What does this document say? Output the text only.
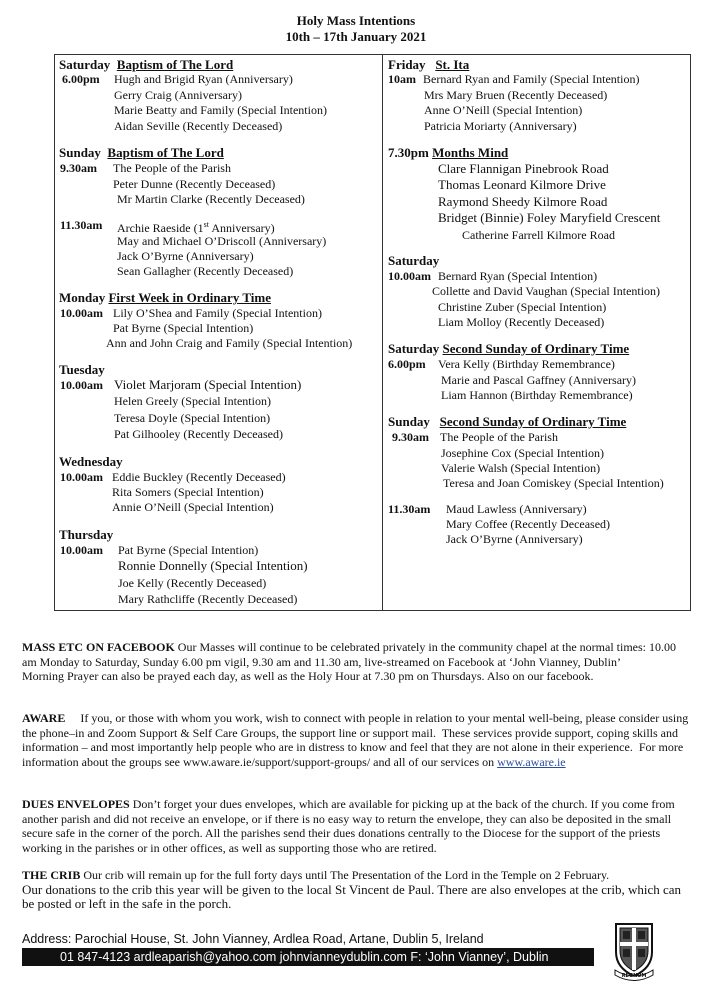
Holy Mass Intentions
10th – 17th January 2021
Saturday Baptism of The Lord
6.00pm Hugh and Brigid Ryan (Anniversary)
Gerry Craig (Anniversary)
Marie Beatty and Family (Special Intention)
Aidan Seville (Recently Deceased)
Sunday Baptism of The Lord
9.30am The People of the Parish
Peter Dunne (Recently Deceased)
Mr Martin Clarke (Recently Deceased)
11.30am Archie Raeside (1st Anniversary)
May and Michael O’Driscoll (Anniversary)
Jack O’Byrne (Anniversary)
Sean Gallagher (Recently Deceased)
Monday First Week in Ordinary Time
10.00am Lily O’Shea and Family (Special Intention)
Pat Byrne (Special Intention)
Ann and John Craig and Family (Special Intention)
Tuesday
10.00am Violet Marjoram (Special Intention)
Helen Greely (Special Intention)
Teresa Doyle (Special Intention)
Pat Gilhooley (Recently Deceased)
Wednesday
10.00am Eddie Buckley (Recently Deceased)
Rita Somers (Special Intention)
Annie O’Neill (Special Intention)
Thursday
10.00am Pat Byrne (Special Intention)
Ronnie Donnelly (Special Intention)
Joe Kelly (Recently Deceased)
Mary Rathcliffe (Recently Deceased)
Friday St. Ita
10am Bernard Ryan and Family (Special Intention)
Mrs Mary Bruen (Recently Deceased)
Anne O’Neill (Special Intention)
Patricia Moriarty (Anniversary)
7.30pm Months Mind
Clare Flannigan Pinebrook Road
Thomas Leonard Kilmore Drive
Raymond Sheedy Kilmore Road
Bridget (Binnie) Foley Maryfield Crescent
Catherine Farrell Kilmore Road
Saturday
10.00am Bernard Ryan (Special Intention)
Collette and David Vaughan (Special Intention)
Christine Zuber (Special Intention)
Liam Molloy (Recently Deceased)
Saturday Second Sunday of Ordinary Time
6.00pm Vera Kelly (Birthday Remembrance)
Marie and Pascal Gaffney (Anniversary)
Liam Hannon (Birthday Remembrance)
Sunday Second Sunday of Ordinary Time
9.30am The People of the Parish
Josephine Cox (Special Intention)
Valerie Walsh (Special Intention)
Teresa and Joan Comiskey (Special Intention)
11.30am Maud Lawless (Anniversary)
Mary Coffee (Recently Deceased)
Jack O’Byrne (Anniversary)
MASS ETC ON FACEBOOK Our Masses will continue to be celebrated privately in the community chapel at the normal times: 10.00 am Monday to Saturday, Sunday 6.00 pm vigil, 9.30 am and 11.30 am, live-streamed on Facebook at ‘John Vianney, Dublin’
Morning Prayer can also be prayed each day, as well as the Holy Hour at 7.30 pm on Thursdays. Also on our facebook.
AWARE     If you, or those with whom you work, wish to connect with people in relation to your mental well-being, please consider using the phone–in and Zoom Support & Self Care Groups, the support line or support mail.  These services provide support, coping skills and information – and most importantly help people who are in distress to know and feel that they are not alone in their experience.  For more information about the groups see www.aware.ie/support/support-groups/ and all of our services on www.aware.ie
DUES ENVELOPES Don’t forget your dues envelopes, which are available for picking up at the back of the church. If you come from another parish and did not receive an envelope, or if there is no easy way to return the envelope, they can also be deposited in the small secure safe in the corner of the porch. All the parishes send their dues donations centrally to the Diocese for the support of the priests working in the parishes or in other offices, as well as supporting those who are retired.
THE CRIB Our crib will remain up for the full forty days until The Presentation of the Lord in the Temple on 2 February.
Our donations to the crib this year will be given to the local St Vincent de Paul. There are also envelopes at the crib, which can be posted or left in the safe in the porch.
Address: Parochial House, St. John Vianney, Ardlea Road, Artane, Dublin 5, Ireland
01 847-4123 ardleaparish@yahoo.com johnvianneydublin.com F: ‘John Vianney’, Dublin
REGNUM
